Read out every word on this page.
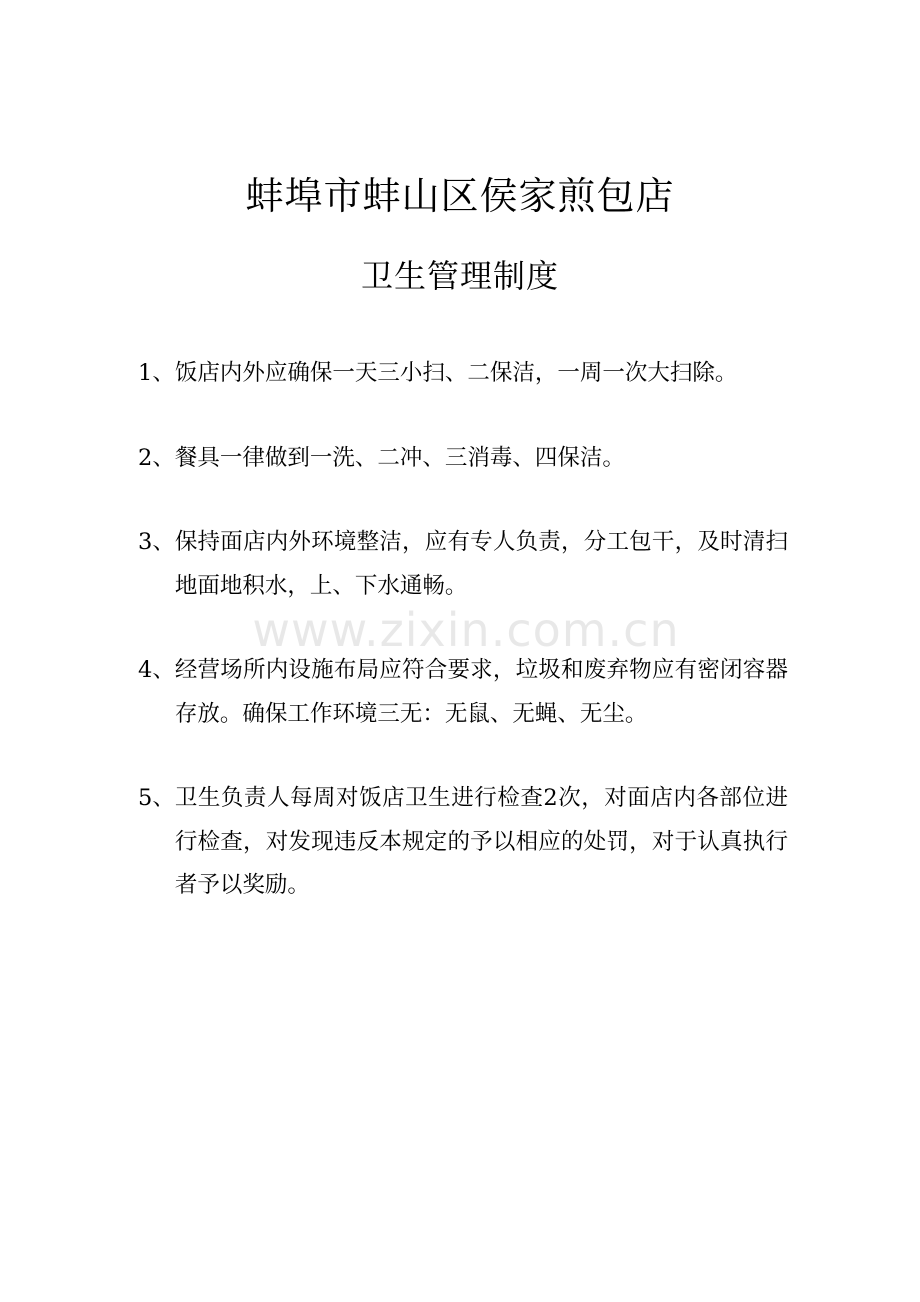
蚌埠市蚌山区侯家煎包店
卫生管理制度
1、 饭店内外应确保一天三小扫、二保洁，一周一次大扫除。
2、 餐具一律做到一洗、二冲、三消毒、四保洁。
3、 保持面店内外环境整洁，应有专人负责，分工包干，及时清扫地面地积水，上、下水通畅。
4、 经营场所内设施布局应符合要求，垃圾和废弃物应有密闭容器存放。确保工作环境三无：无鼠、无蝇、无尘。
5、 卫生负责人每周对饭店卫生进行检查2次，对面店内各部位进行检查，对发现违反本规定的予以相应的处罚，对于认真执行者予以奖励。
www.zixin.com.cn
